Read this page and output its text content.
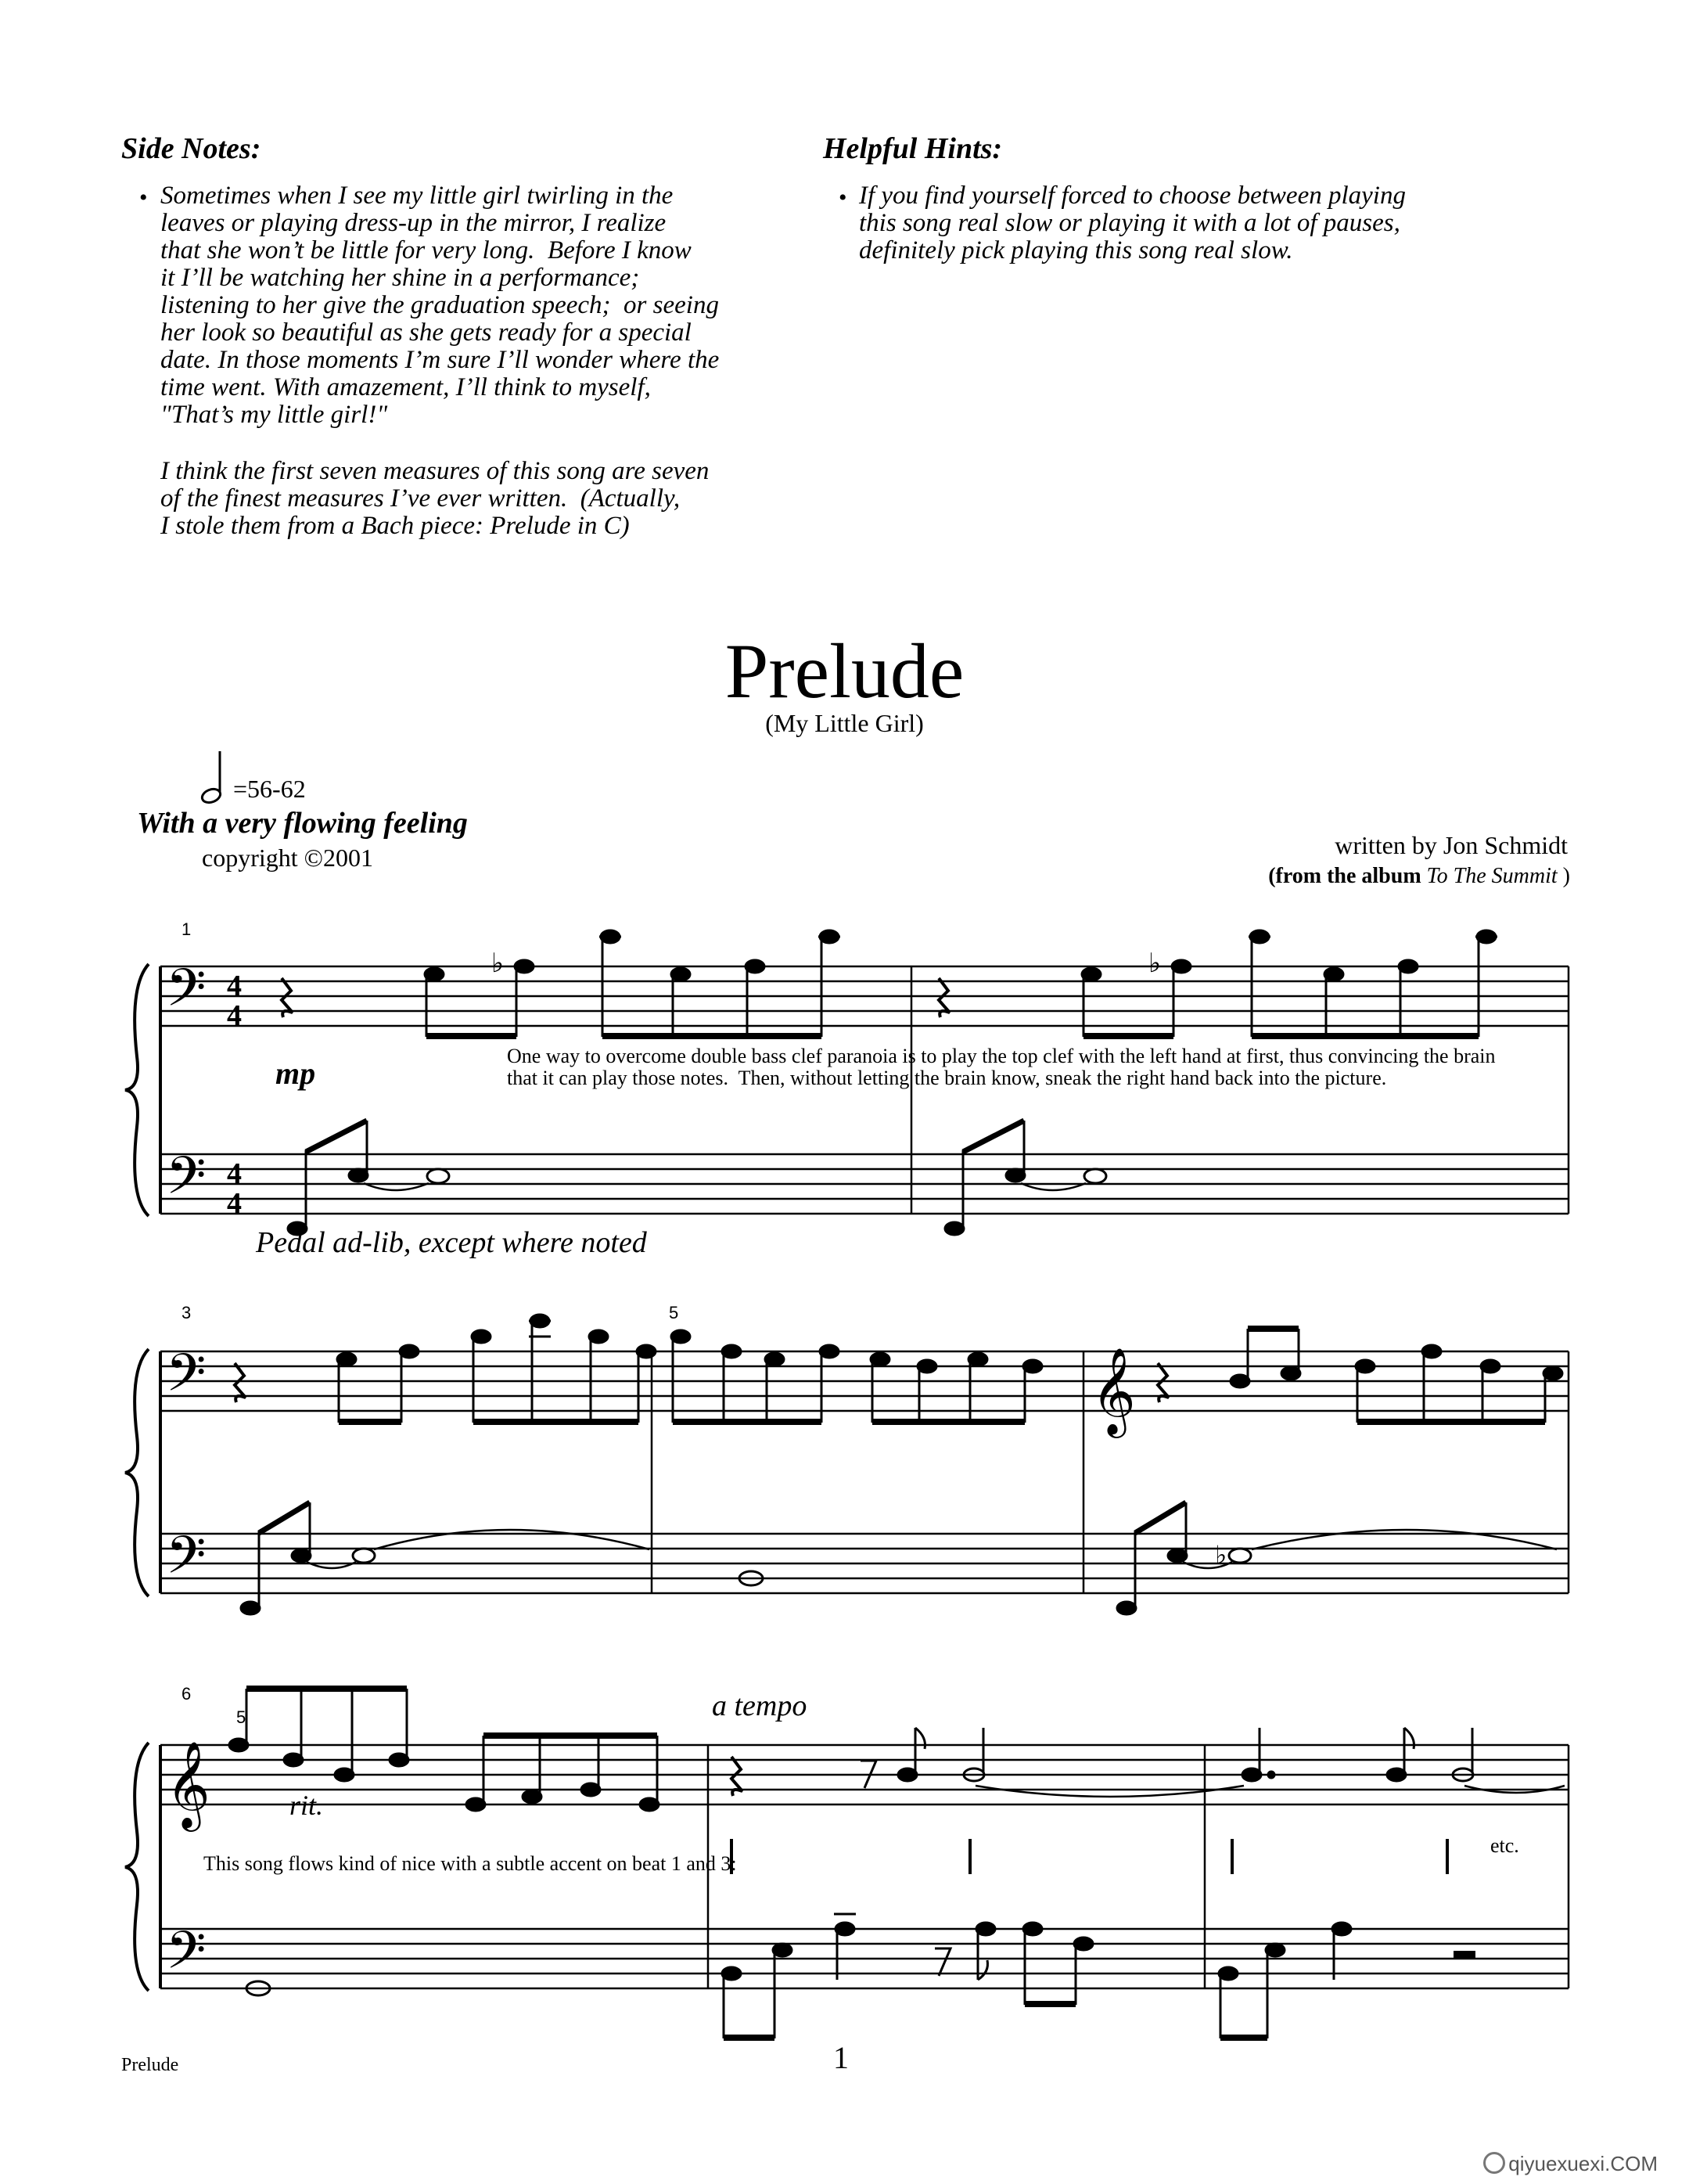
Side Notes:
• Sometimes when I see my little girl twirling in the
leaves or playing dress-up in the mirror, I realize
that she won’t be little for very long.  Before I know
it I’ll be watching her shine in a performance;
listening to her give the graduation speech;  or seeing
her look so beautiful as she gets ready for a special
date. In those moments I’m sure I’ll wonder where the
time went. With amazement, I’ll think to myself,
"That’s my little girl!"
I think the first seven measures of this song are seven
of the finest measures I’ve ever written.  (Actually,
I stole them from a Bach piece: Prelude in C)
Helpful Hints:
• If you find yourself forced to choose between playing
this song real slow or playing it with a lot of pauses,
definitely pick playing this song real slow.
Prelude
(My Little Girl)
=56-62
With a very flowing feeling
copyright ©2001	written by Jon Schmidt
(from the album To The Summit )
𝄢
𝄢
4
4
4
4
1
♭	♭
mp	One way to overcome double bass clef paranoia is to play the top clef with the left hand at first, thus convincing the brain
that it can play those notes.  Then, without letting the brain know, sneak the right hand back into the picture.
Pedal ad-lib, except where noted
𝄢
𝄢
𝄞
3	5
♭
𝄞
𝄢
6
5
rit.
a tempo
This song flows kind of nice with a subtle accent on beat 1 and 3:
etc.
Prelude	1
qiyuexuexi.COM
